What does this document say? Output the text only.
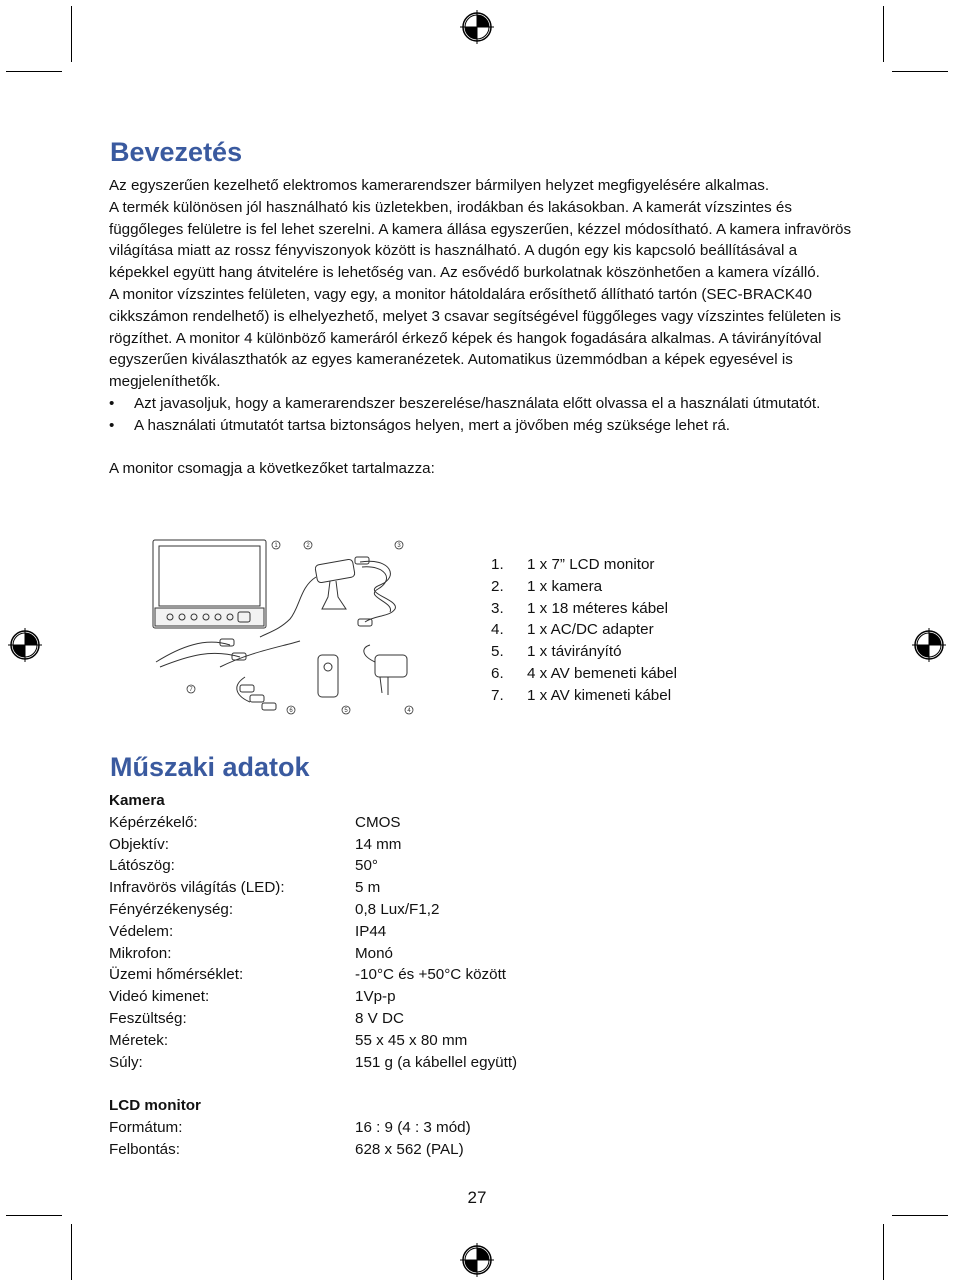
Bevezetés

Az egyszerűen kezelhető elektromos kamerarendszer bármilyen helyzet megfigyelésére alkalmas.

A termék különösen jól használható kis üzletekben, irodákban és lakásokban. A kamerát vízszintes és függőleges felületre is fel lehet szerelni. A kamera állása egyszerűen, kézzel módosítható. A kamera infravörös világítása miatt az rossz fényviszonyok között is használható. A dugón egy kis kapcsoló beállításával a képekkel együtt hang átvitelére is lehetőség van. Az esővédő burkolatnak köszönhetően a kamera vízálló.

A monitor vízszintes felületen, vagy egy, a monitor hátoldalára erősíthető állítható tartón (SEC-BRACK40 cikkszámon rendelhető) is elhelyezhető, melyet 3 csavar segítségével függőleges vagy vízszintes felületen is rögzíthet. A monitor 4 különböző kameráról érkező képek és hangok fogadására alkalmas. A távirányítóval egyszerűen kiválaszthatók az egyes kameranézetek. Automatikus üzemmódban a képek egyesével is megjeleníthetők.

• Azt javasoljuk, hogy a kamerarendszer beszerelése/használata előtt olvassa el a használati útmutatót.
• A használati útmutatót tartsa biztonságos helyen, mert a jövőben még szüksége lehet rá.

A monitor csomagja a következőket tartalmazza:

1	2	3
4
5
6
7
1.	1 x 7” LCD monitor
2.	1 x kamera
3.	1 x 18 méteres kábel
4.	1 x AC/DC adapter
5.	1 x távirányító
6.	4 x AV bemeneti kábel
7.	1 x AV kimeneti kábel
Műszaki adatok
Kamera
Képérzékelő:	CMOS
Objektív:	14 mm
Látószög:	50°
Infravörös világítás (LED):	5 m
Fényérzékenység:	0,8 Lux/F1,2
Védelem:	IP44
Mikrofon:	Monó
Üzemi hőmérséklet:	-10°C és +50°C között
Videó kimenet:	1Vp-p
Feszültség:	8 V DC
Méretek:	55 x 45 x 80 mm
Súly:	151 g (a kábellel együtt)
LCD monitor
Formátum:	16 : 9 (4 : 3 mód)
Felbontás:	628 x 562 (PAL)
27
